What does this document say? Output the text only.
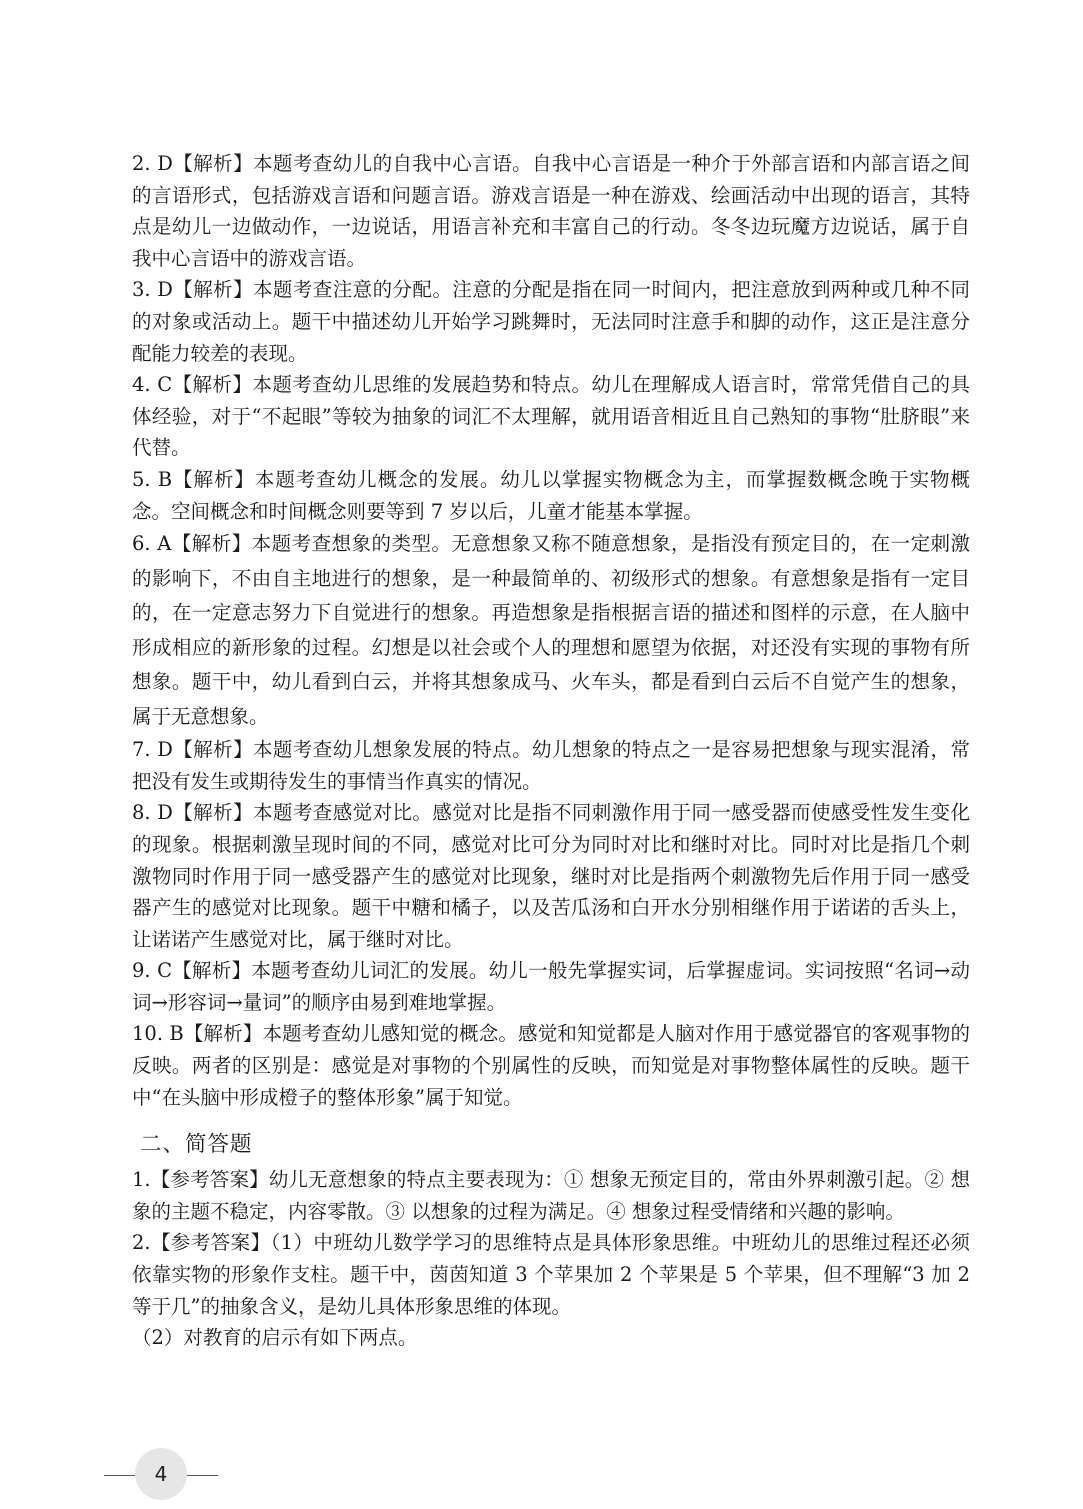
2. D【解析】本题考查幼儿的自我中心言语。自我中心言语是一种介于外部言语和内部言语之间的言语形式，包括游戏言语和问题言语。游戏言语是一种在游戏、绘画活动中出现的语言，其特点是幼儿一边做动作，一边说话，用语言补充和丰富自己的行动。冬冬边玩魔方边说话，属于自我中心言语中的游戏言语。

3. D【解析】本题考查注意的分配。注意的分配是指在同一时间内，把注意放到两种或几种不同的对象或活动上。题干中描述幼儿开始学习跳舞时，无法同时注意手和脚的动作，这正是注意分配能力较差的表现。

4. C【解析】本题考查幼儿思维的发展趋势和特点。幼儿在理解成人语言时，常常凭借自己的具体经验，对于“不起眼”等较为抽象的词汇不太理解，就用语音相近且自己熟知的事物“肚脐眼”来代替。

5. B【解析】本题考查幼儿概念的发展。幼儿以掌握实物概念为主，而掌握数概念晚于实物概念。空间概念和时间概念则要等到 7 岁以后，儿童才能基本掌握。

6. A【解析】本题考查想象的类型。无意想象又称不随意想象，是指没有预定目的，在一定刺激的影响下，不由自主地进行的想象，是一种最简单的、初级形式的想象。有意想象是指有一定目的，在一定意志努力下自觉进行的想象。再造想象是指根据言语的描述和图样的示意，在人脑中形成相应的新形象的过程。幻想是以社会或个人的理想和愿望为依据，对还没有实现的事物有所想象。题干中，幼儿看到白云，并将其想象成马、火车头，都是看到白云后不自觉产生的想象，属于无意想象。

7. D【解析】本题考查幼儿想象发展的特点。幼儿想象的特点之一是容易把想象与现实混淆，常把没有发生或期待发生的事情当作真实的情况。

8. D【解析】本题考查感觉对比。感觉对比是指不同刺激作用于同一感受器而使感受性发生变化的现象。根据刺激呈现时间的不同，感觉对比可分为同时对比和继时对比。同时对比是指几个刺激物同时作用于同一感受器产生的感觉对比现象，继时对比是指两个刺激物先后作用于同一感受器产生的感觉对比现象。题干中糖和橘子，以及苦瓜汤和白开水分别相继作用于诺诺的舌头上，让诺诺产生感觉对比，属于继时对比。

9. C【解析】本题考查幼儿词汇的发展。幼儿一般先掌握实词，后掌握虚词。实词按照“名词→动词→形容词→量词”的顺序由易到难地掌握。

10. B【解析】本题考查幼儿感知觉的概念。感觉和知觉都是人脑对作用于感觉器官的客观事物的反映。两者的区别是：感觉是对事物的个别属性的反映，而知觉是对事物整体属性的反映。题干中“在头脑中形成橙子的整体形象”属于知觉。

二、简答题

1.【参考答案】幼儿无意想象的特点主要表现为：① 想象无预定目的，常由外界刺激引起。② 想象的主题不稳定，内容零散。③ 以想象的过程为满足。④ 想象过程受情绪和兴趣的影响。

2.【参考答案】（1）中班幼儿数学学习的思维特点是具体形象思维。中班幼儿的思维过程还必须依靠实物的形象作支柱。题干中，茵茵知道 3 个苹果加 2 个苹果是 5 个苹果，但不理解“3 加 2 等于几”的抽象含义，是幼儿具体形象思维的体现。

（2）对教育的启示有如下两点。

4
